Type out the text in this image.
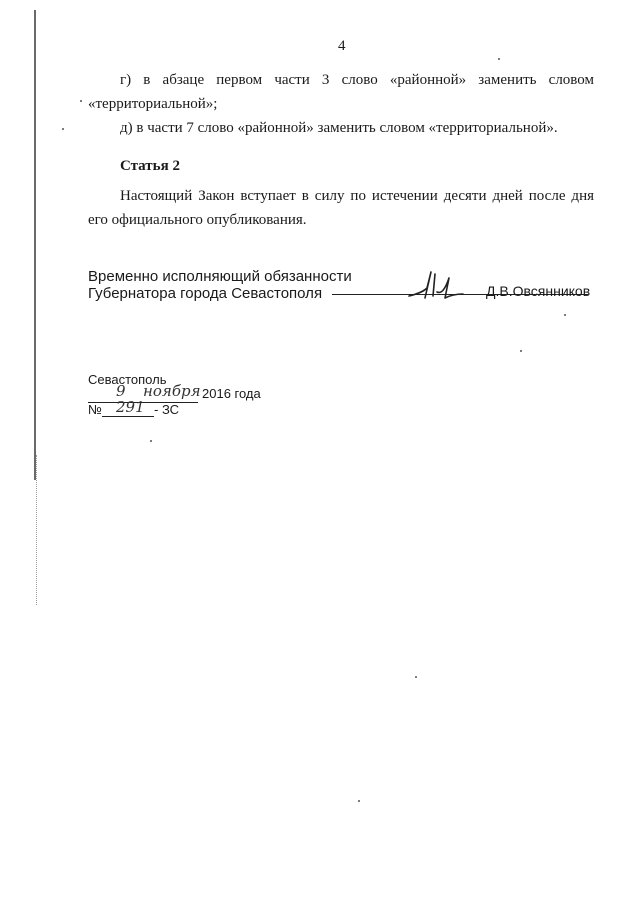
4
г) в абзаце первом части 3 слово «районной» заменить словом
«территориальной»;
д) в части 7 слово «районной» заменить словом «территориальной».
Статья 2
Настоящий Закон вступает в силу по истечении десяти дней после дня
его официального опубликования.
Временно исполняющий обязанности
Губернатора города Севастополя	Д.В.Овсянников
Севастополь
9 ноября 2016 года
№ 291 - ЗС
